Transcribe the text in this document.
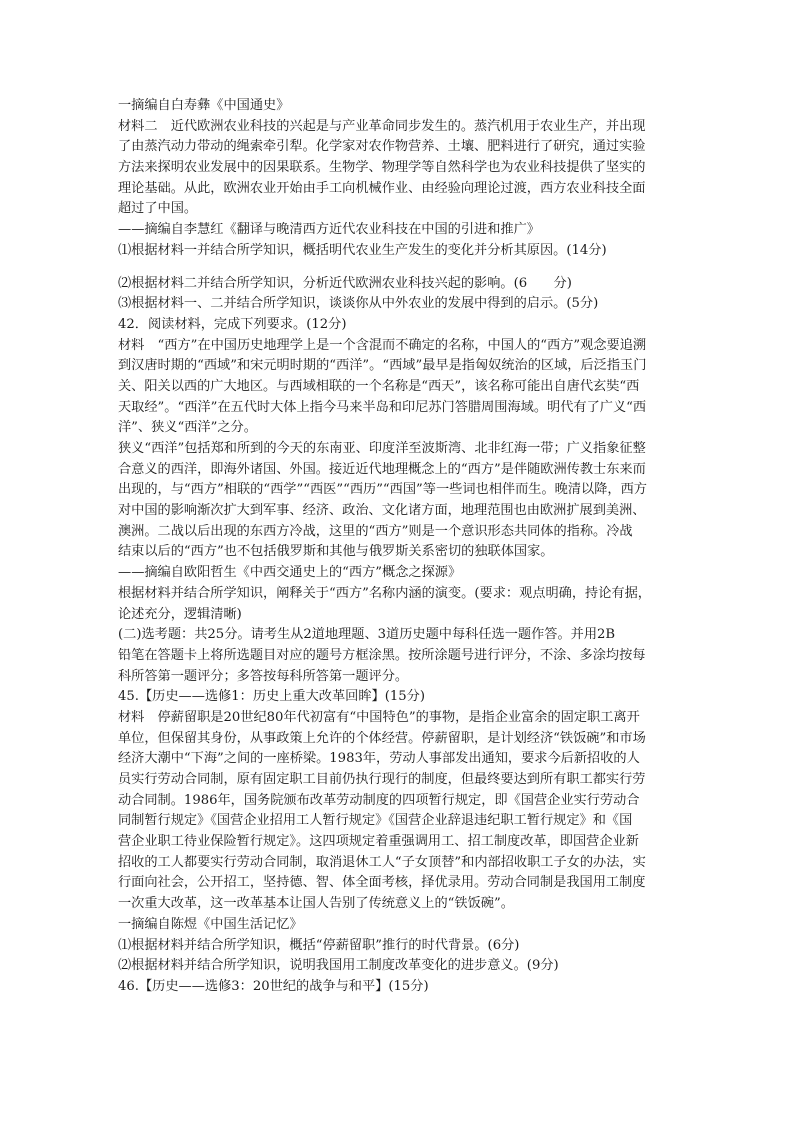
一摘编自白寿彝《中国通史》
材料二　近代欧洲农业科技的兴起是与产业革命同步发生的。蒸汽机用于农业生产，并出现
了由蒸汽动力带动的绳索牵引犁。化学家对农作物营养、土壤、肥料进行了研究，通过实验
方法来探明农业发展中的因果联系。生物学、物理学等自然科学也为农业科技提供了坚实的
理论基础。从此，欧洲农业开始由手工向机械作业、由经验向理论过渡，西方农业科技全面
超过了中国。
——摘编自李慧红《翻译与晚清西方近代农业科技在中国的引进和推广》
⑴根据材料一并结合所学知识，概括明代农业生产发生的变化并分析其原因。(14分)
⑵根据材料二并结合所学知识，分析近代欧洲农业科技兴起的影响。(6　　分)
⑶根据材料一、二并结合所学知识，谈谈你从中外农业的发展中得到的启示。(5分)
42．阅读材料，完成下列要求。(12分)
材料　“西方”在中国历史地理学上是一个含混而不确定的名称，中国人的“西方”观念要追溯
到汉唐时期的“西域”和宋元明时期的“西洋”。“西域”最早是指匈奴统治的区域，后泛指玉门
关、阳关以西的广大地区。与西域相联的一个名称是“西天”，该名称可能出自唐代玄奘“西
天取经”。“西洋”在五代时大体上指今马来半岛和印尼苏门答腊周围海域。明代有了广义“西
洋”、狭义“西洋”之分。
狭义“西洋”包括郑和所到的今天的东南亚、印度洋至波斯湾、北非红海一带；广义指象征整
合意义的西洋，即海外诸国、外国。接近近代地理概念上的“西方”是伴随欧洲传教士东来而
出现的，与“西方”相联的“西学”“西医”“西历”“西国”等一些词也相伴而生。晚清以降，西方
对中国的影响渐次扩大到军事、经济、政治、文化诸方面，地理范围也由欧洲扩展到美洲、
澳洲。二战以后出现的东西方冷战，这里的“西方”则是一个意识形态共同体的指称。冷战
结束以后的“西方”也不包括俄罗斯和其他与俄罗斯关系密切的独联体国家。
——摘编自欧阳哲生《中西交通史上的“西方”概念之探源》
根据材料并结合所学知识，阐释关于“西方”名称内涵的演变。(要求：观点明确，持论有据，
论述充分，逻辑清晰)
(二)选考题：共25分。请考生从2道地理题、3道历史题中每科任选一题作答。并用2B
铅笔在答题卡上将所选题目对应的题号方框涂黑。按所涂题号进行评分，不涂、多涂均按每
科所答第一题评分；多答按每科所答第一题评分。
45.【历史——选修1：历史上重大改革回眸】(15分)
材料　停薪留职是20世纪80年代初富有“中国特色”的事物，是指企业富余的固定职工离开
单位，但保留其身份，从事政策上允许的个体经营。停薪留职，是计划经济“铁饭碗”和市场
经济大潮中“下海”之间的一座桥梁。1983年，劳动人事部发出通知，要求今后新招收的人
员实行劳动合同制，原有固定职工目前仍执行现行的制度，但最终要达到所有职工都实行劳
动合同制。1986年，国务院颁布改革劳动制度的四项暂行规定，即《国营企业实行劳动合
同制暂行规定》《国营企业招用工人暂行规定》《国营企业辞退违纪职工暂行规定》和《国
营企业职工待业保险暂行规定》。这四项规定着重强调用工、招工制度改革，即国营企业新
招收的工人都要实行劳动合同制，取消退休工人“子女顶替”和内部招收职工子女的办法，实
行面向社会，公开招工，坚持德、智、体全面考核，择优录用。劳动合同制是我国用工制度
一次重大改革，这一改革基本让国人告别了传统意义上的“铁饭碗”。
一摘编自陈煜《中国生活记忆》
⑴根据材料并结合所学知识，概括“停薪留职”推行的时代背景。(6分)
⑵根据材料并结合所学知识，说明我国用工制度改革变化的进步意义。(9分)
46.【历史——选修3：20世纪的战争与和平】(15分)
